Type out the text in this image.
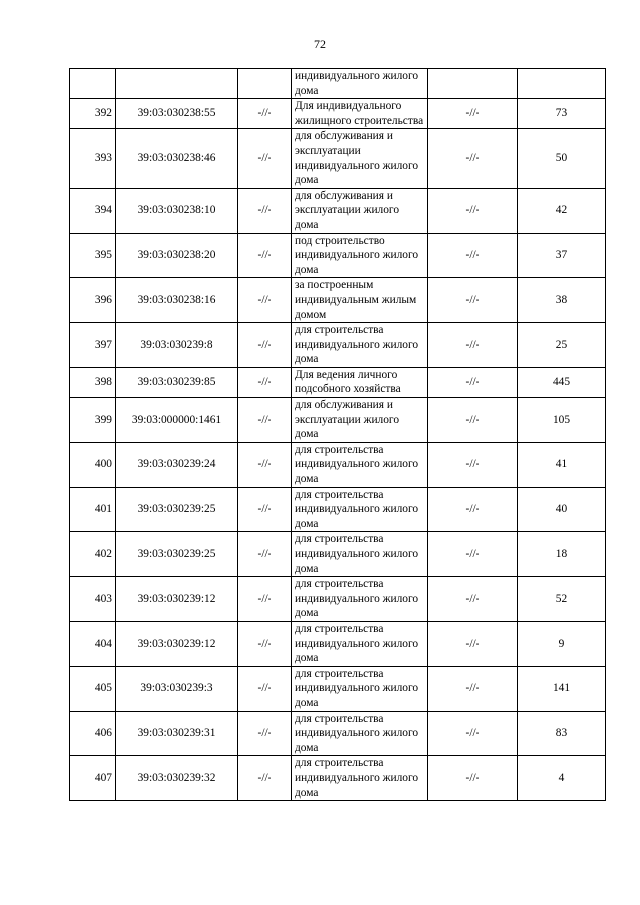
72
			индивидуального жилого дома		
392	39:03:030238:55	-//-	Для индивидуального жилищного строительства	-//-	73
393	39:03:030238:46	-//-	для обслуживания и эксплуатации индивидуального жилого дома	-//-	50
394	39:03:030238:10	-//-	для обслуживания и эксплуатации жилого дома	-//-	42
395	39:03:030238:20	-//-	под строительство индивидуального жилого дома	-//-	37
396	39:03:030238:16	-//-	за построенным индивидуальным жилым домом	-//-	38
397	39:03:030239:8	-//-	для строительства индивидуального жилого дома	-//-	25
398	39:03:030239:85	-//-	Для ведения личного подсобного хозяйства	-//-	445
399	39:03:000000:1461	-//-	для обслуживания и эксплуатации жилого дома	-//-	105
400	39:03:030239:24	-//-	для строительства индивидуального жилого дома	-//-	41
401	39:03:030239:25	-//-	для строительства индивидуального жилого дома	-//-	40
402	39:03:030239:25	-//-	для строительства индивидуального жилого дома	-//-	18
403	39:03:030239:12	-//-	для строительства индивидуального жилого дома	-//-	52
404	39:03:030239:12	-//-	для строительства индивидуального жилого дома	-//-	9
405	39:03:030239:3	-//-	для строительства индивидуального жилого дома	-//-	141
406	39:03:030239:31	-//-	для строительства индивидуального жилого дома	-//-	83
407	39:03:030239:32	-//-	для строительства индивидуального жилого дома	-//-	4
